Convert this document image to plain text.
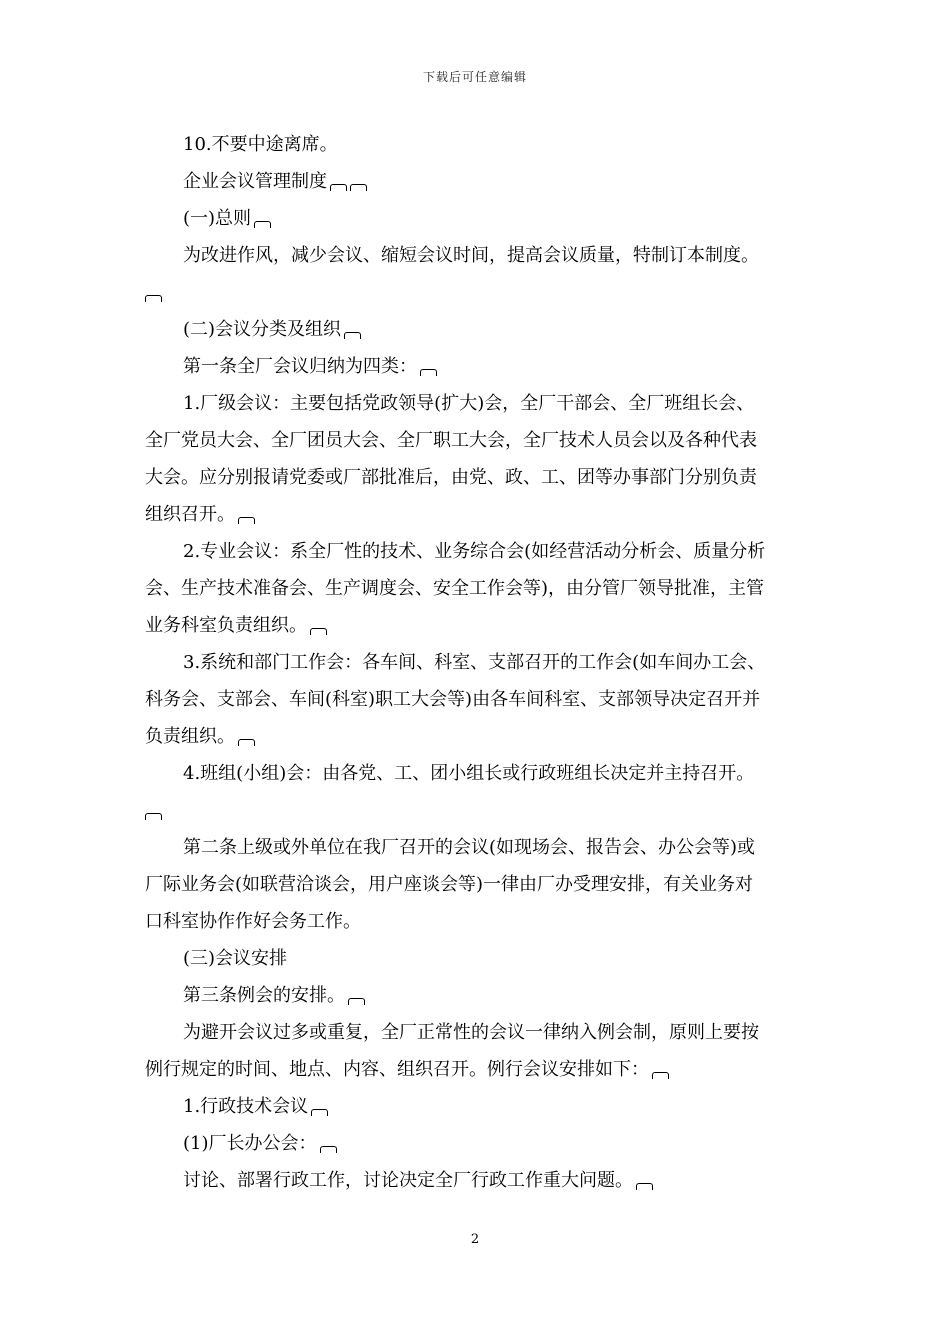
下载后可任意编辑
10.不要中途离席。
企业会议管理制度
(一)总则
为改进作风，减少会议、缩短会议时间，提高会议质量，特制订本制度。
(二)会议分类及组织
第一条全厂会议归纳为四类：
1.厂级会议：主要包括党政领导(扩大)会，全厂干部会、全厂班组长会、
全厂党员大会、全厂团员大会、全厂职工大会，全厂技术人员会以及各种代表
大会。应分别报请党委或厂部批准后，由党、政、工、团等办事部门分别负责
组织召开。
2.专业会议：系全厂性的技术、业务综合会(如经营活动分析会、质量分析
会、生产技术准备会、生产调度会、安全工作会等)，由分管厂领导批准，主管
业务科室负责组织。
3.系统和部门工作会：各车间、科室、支部召开的工作会(如车间办工会、
科务会、支部会、车间(科室)职工大会等)由各车间科室、支部领导决定召开并
负责组织。
4.班组(小组)会：由各党、工、团小组长或行政班组长决定并主持召开。
第二条上级或外单位在我厂召开的会议(如现场会、报告会、办公会等)或
厂际业务会(如联营洽谈会，用户座谈会等)一律由厂办受理安排，有关业务对
口科室协作作好会务工作。
(三)会议安排
第三条例会的安排。
为避开会议过多或重复，全厂正常性的会议一律纳入例会制，原则上要按
例行规定的时间、地点、内容、组织召开。例行会议安排如下：
1.行政技术会议
(1)厂长办公会：
讨论、部署行政工作，讨论决定全厂行政工作重大问题。
2
